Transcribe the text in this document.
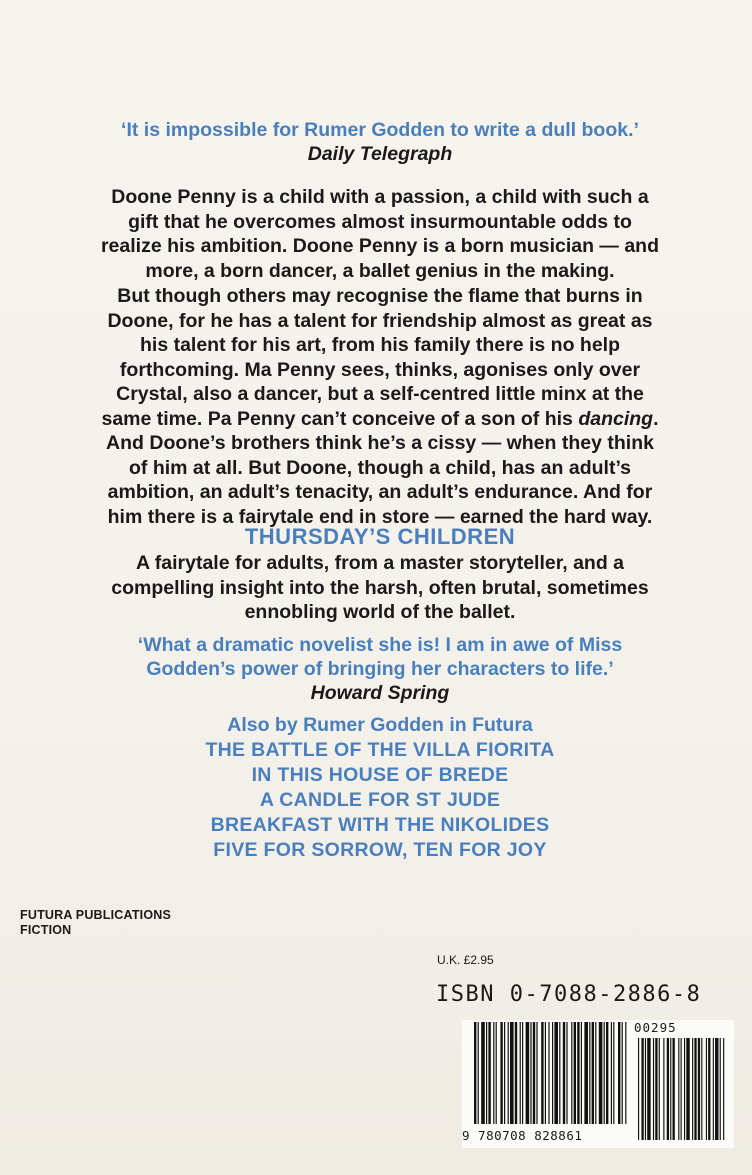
‘It is impossible for Rumer Godden to write a dull book.’
Daily Telegraph

Doone Penny is a child with a passion, a child with such a

gift that he overcomes almost insurmountable odds to

realize his ambition. Doone Penny is a born musician — and

more, a born dancer, a ballet genius in the making.

But though others may recognise the flame that burns in

Doone, for he has a talent for friendship almost as great as

his talent for his art, from his family there is no help

forthcoming. Ma Penny sees, thinks, agonises only over

Crystal, also a dancer, but a self-centred little minx at the

same time. Pa Penny can’t conceive of a son of his dancing.

And Doone’s brothers think he’s a cissy — when they think

of him at all. But Doone, though a child, has an adult’s

ambition, an adult’s tenacity, an adult’s endurance. And for

him there is a fairytale end in store — earned the hard way.

THURSDAY’S CHILDREN

A fairytale for adults, from a master storyteller, and a

compelling insight into the harsh, often brutal, sometimes

ennobling world of the ballet.

‘What a dramatic novelist she is! I am in awe of Miss
Godden’s power of bringing her characters to life.’
Howard Spring
Also by Rumer Godden in Futura
THE BATTLE OF THE VILLA FIORITA
IN THIS HOUSE OF BREDE
A CANDLE FOR ST JUDE
BREAKFAST WITH THE NIKOLIDES
FIVE FOR SORROW, TEN FOR JOY
FUTURA PUBLICATIONS
FICTION
U.K. £2.95
ISBN 0-7088-2886-8
00295
9 780708 828861
